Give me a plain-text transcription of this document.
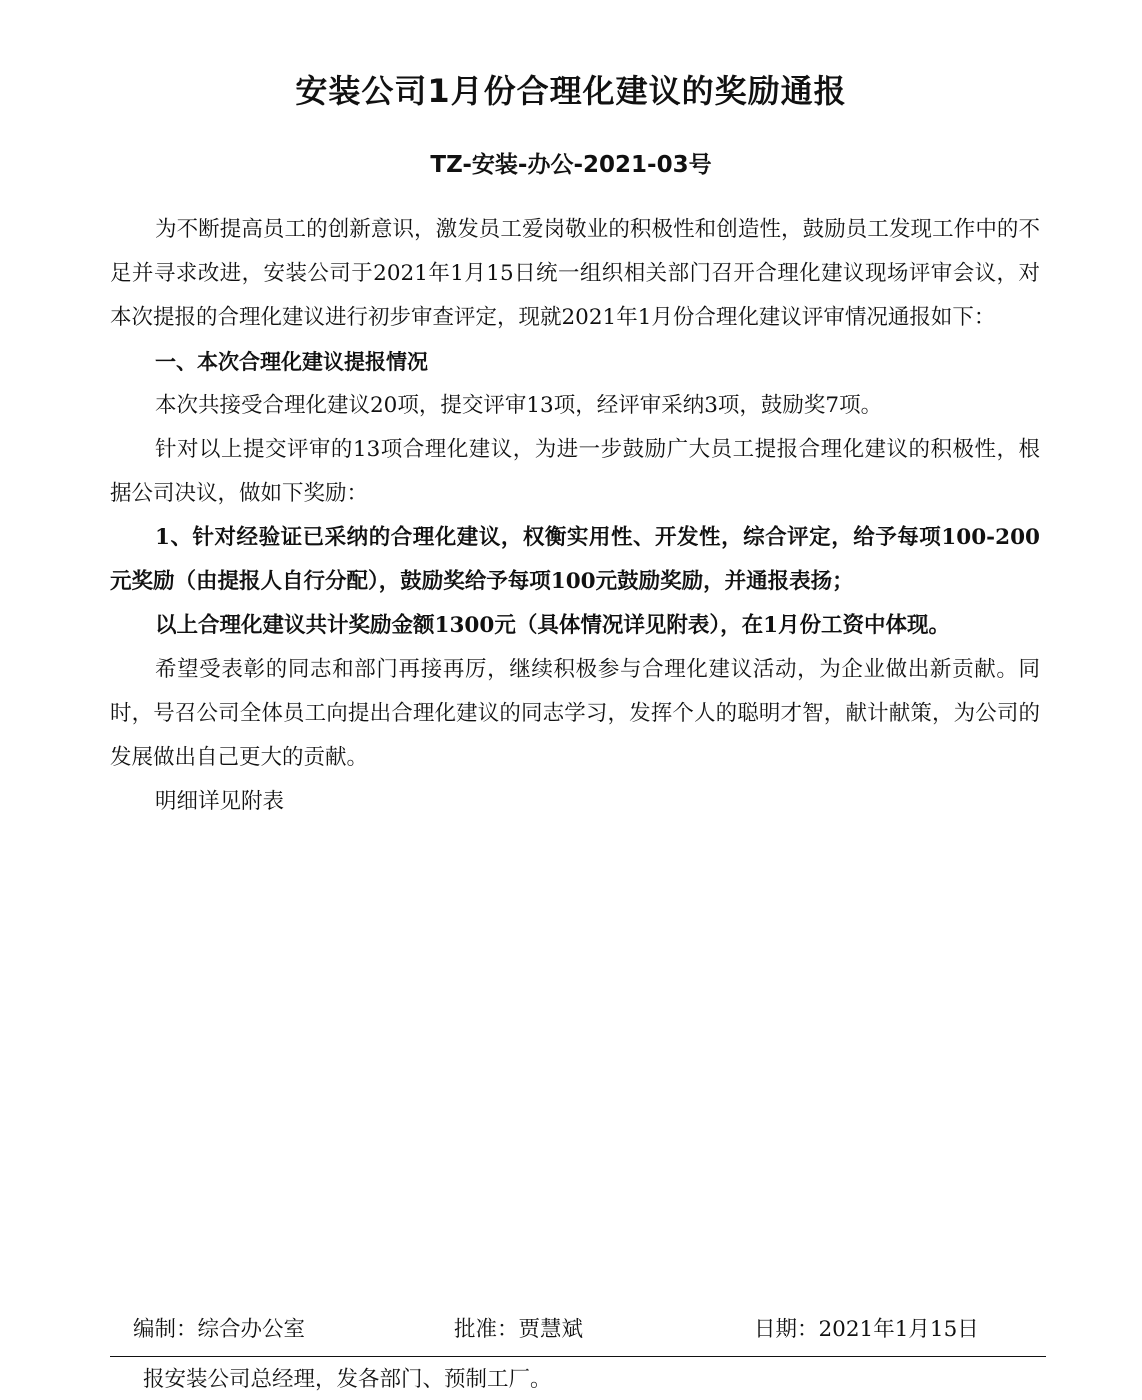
安装公司1月份合理化建议的奖励通报
TZ-安装-办公-2021-03号

为不断提高员工的创新意识，激发员工爱岗敬业的积极性和创造性，鼓励员工发现工作中的不足并寻求改进，安装公司于2021年1月15日统一组织相关部门召开合理化建议现场评审会议，对本次提报的合理化建议进行初步审查评定，现就2021年1月份合理化建议评审情况通报如下：

一、本次合理化建议提报情况

本次共接受合理化建议20项，提交评审13项，经评审采纳3项，鼓励奖7项。

针对以上提交评审的13项合理化建议，为进一步鼓励广大员工提报合理化建议的积极性，根据公司决议，做如下奖励：

1、针对经验证已采纳的合理化建议，权衡实用性、开发性，综合评定，给予每项100-200元奖励（由提报人自行分配），鼓励奖给予每项100元鼓励奖励，并通报表扬；

以上合理化建议共计奖励金额1300元（具体情况详见附表），在1月份工资中体现。

希望受表彰的同志和部门再接再厉，继续积极参与合理化建议活动，为企业做出新贡献。同时，号召公司全体员工向提出合理化建议的同志学习，发挥个人的聪明才智，献计献策，为公司的发展做出自己更大的贡献。

明细详见附表

编制：综合办公室	批准：贾慧斌	日期：2021年1月15日
报安装公司总经理，发各部门、预制工厂。
